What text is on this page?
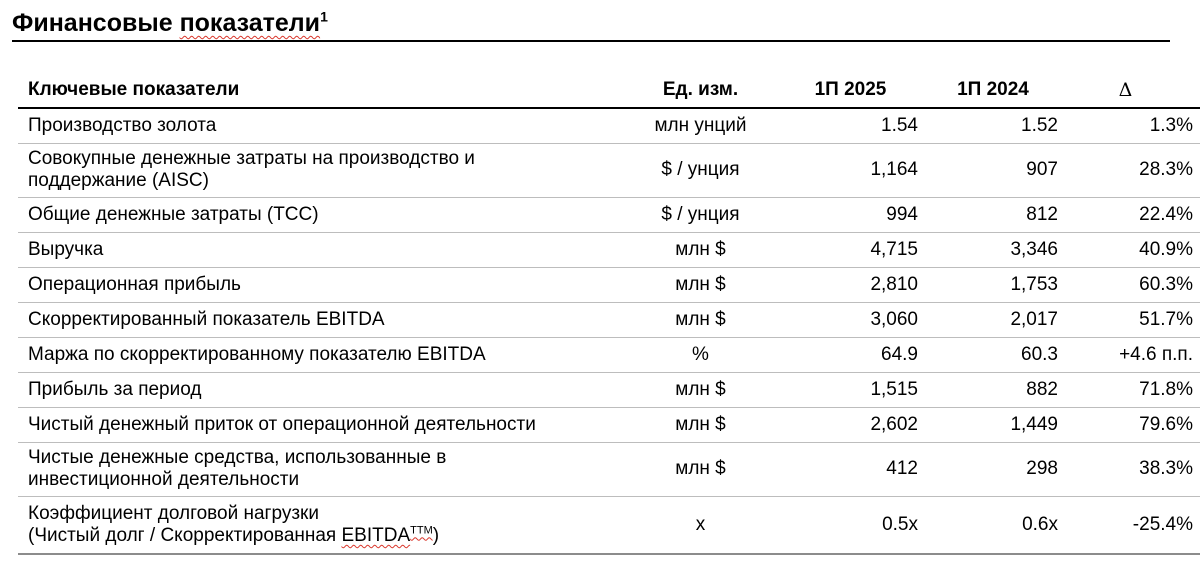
Финансовые показатели$^1$
Ключевые показатели	Ед. изм.	1П 2025	1П 2024	Δ

Производство золота	млн унций	1.54	1.52	1.3%

Совокупные денежные затраты на производство и
поддержание (AISC)	$ / унция	1,164	907	28.3%

Общие денежные затраты (TCC)	$ / унция	994	812	22.4%

Выручка	млн $	4,715	3,346	40.9%

Операционная прибыль	млн $	2,810	1,753	60.3%

Скорректированный показатель EBITDA	млн $	3,060	2,017	51.7%

Маржа по скорректированному показателю EBITDA	%	64.9	60.3	+4.6 п.п.

Прибыль за период	млн $	1,515	882	71.8%

Чистый денежный приток от операционной деятельности	млн $	2,602	1,449	79.6%

Чистые денежные средства, использованные в
инвестиционной деятельности	млн $	412	298	38.3%

Коэффициент долговой нагрузки
(Чистый долг / Скорректированная $EBITDA^{TTM}$)	x	0.5x	0.6x	-25.4%
